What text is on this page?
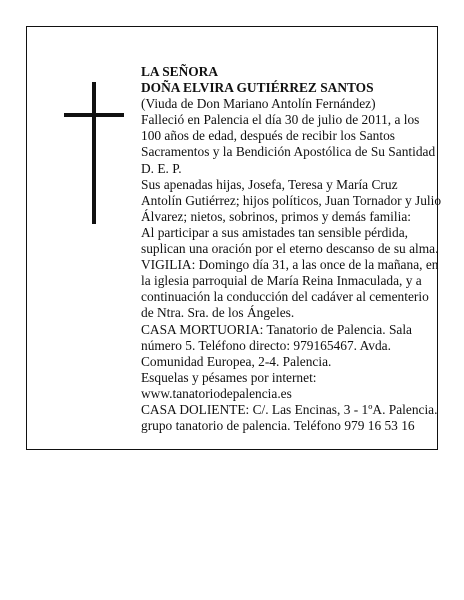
LA SEÑORA
DOÑA ELVIRA GUTIÉRREZ SANTOS
(Viuda de Don Mariano Antolín Fernández)
Falleció en Palencia el día 30 de julio de 2011, a los
100 años de edad, después de recibir los Santos
Sacramentos y la Bendición Apostólica de Su Santidad
D. E. P.
Sus apenadas hijas, Josefa, Teresa y María Cruz
Antolín Gutiérrez; hijos políticos, Juan Tornador y Julio
Álvarez; nietos, sobrinos, primos y demás familia:
Al participar a sus amistades tan sensible pérdida,
suplican una oración por el eterno descanso de su alma.
VIGILIA: Domingo día 31, a las once de la mañana, en
la iglesia parroquial de María Reina Inmaculada, y a
continuación la conducción del cadáver al cementerio
de Ntra. Sra. de los Ángeles.
CASA MORTUORIA: Tanatorio de Palencia. Sala
número 5. Teléfono directo: 979165467. Avda.
Comunidad Europea, 2-4. Palencia.
Esquelas y pésames por internet:
www.tanatoriodepalencia.es
CASA DOLIENTE: C/. Las Encinas, 3 - 1ºA. Palencia.
grupo tanatorio de palencia. Teléfono 979 16 53 16
